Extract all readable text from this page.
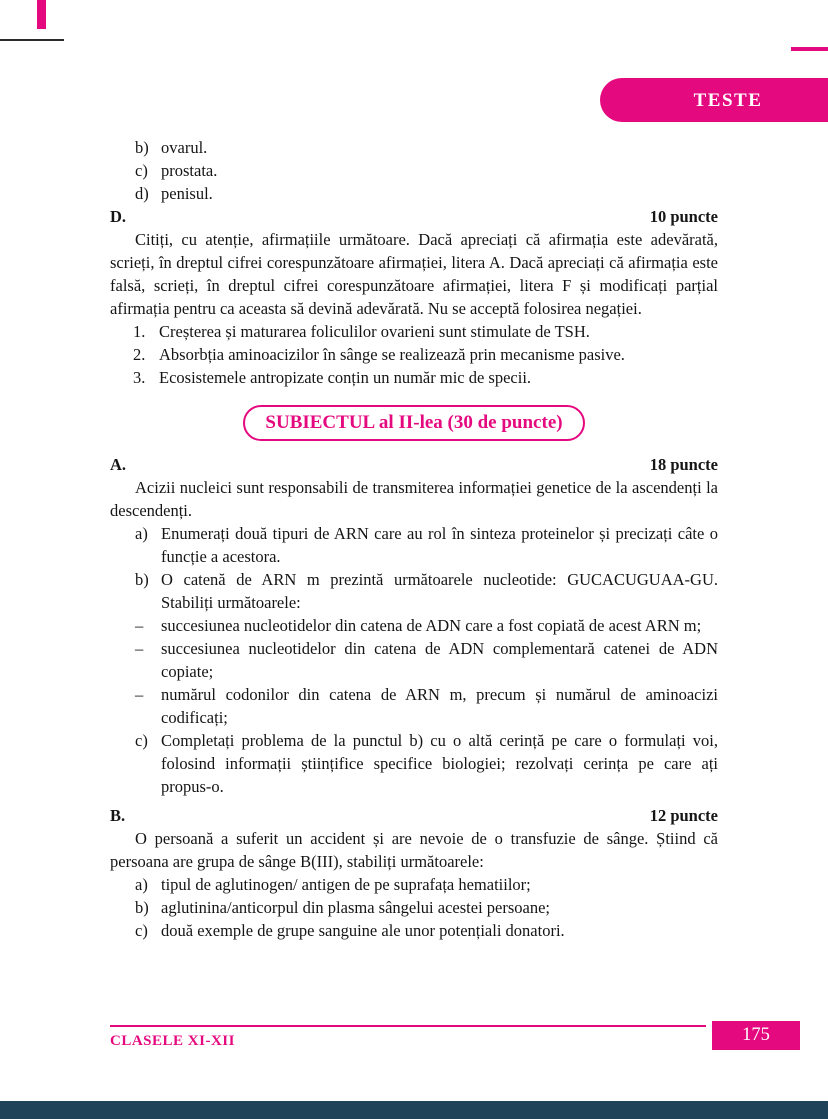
TESTE
b) ovarul.
c) prostata.
d) penisul.
D.	10 puncte

Citiți, cu atenție, afirmațiile următoare. Dacă apreciați că afirmația este adevărată, scrieți, în dreptul cifrei corespunzătoare afirmației, litera A. Dacă apreciați că afirmația este falsă, scrieți, în dreptul cifrei corespunzătoare afirmației, litera F și modificați parțial afirmația pentru ca aceasta să devină adevărată. Nu se acceptă folosirea negației.

1. Creșterea și maturarea foliculilor ovarieni sunt stimulate de TSH.
2. Absorbția aminoacizilor în sânge se realizează prin mecanisme pasive.
3. Ecosistemele antropizate conțin un număr mic de specii.
SUBIECTUL al II-lea (30 de puncte)
A.	18 puncte

Acizii nucleici sunt responsabili de transmiterea informației genetice de la ascendenți la descendenți.

a) Enumerați două tipuri de ARN care au rol în sinteza proteinelor și precizați câte o funcție a acestora.
b) O catenă de ARN m prezintă următoarele nucleotide: GUCACUGUAA-GU. Stabiliți următoarele:
–	succesiunea nucleotidelor din catena de ADN care a fost copiată de acest ARN m;
–	succesiunea nucleotidelor din catena de ADN complementară catenei de ADN copiate;
–	numărul codonilor din catena de ARN m, precum și numărul de aminoacizi codificați;
c) Completați problema de la punctul b) cu o altă cerință pe care o formulați voi, folosind informații științifice specifice biologiei; rezolvați cerința pe care ați propus-o.
B.	12 puncte

O persoană a suferit un accident și are nevoie de o transfuzie de sânge. Știind că persoana are grupa de sânge B(III), stabiliți următoarele:

a) tipul de aglutinogen/ antigen de pe suprafața hematiilor;
b) aglutinina/anticorpul din plasma sângelui acestei persoane;
c) două exemple de grupe sanguine ale unor potențiali donatori.
CLASELE XI-XII	175
